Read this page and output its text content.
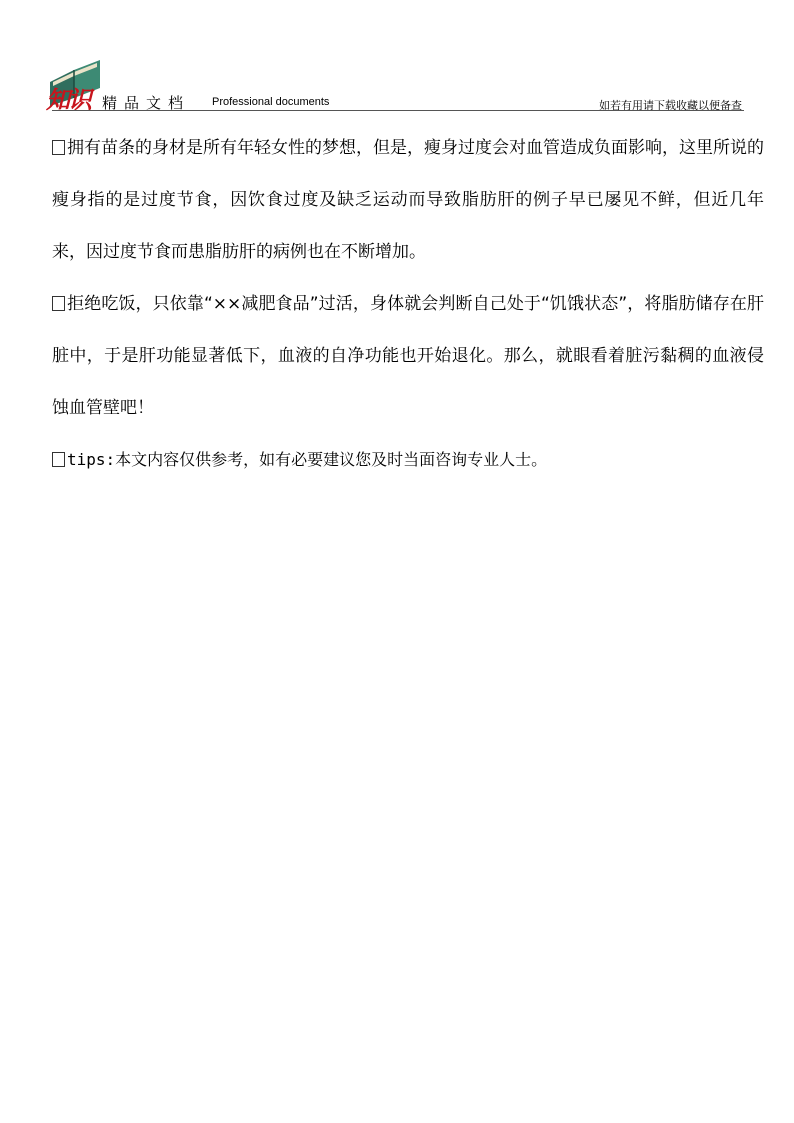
知识 精品文档 Professional documents	如若有用请下载收藏以便备查

拥有苗条的身材是所有年轻女性的梦想，但是，瘦身过度会对血管造成负面影响，这里所说的瘦身指的是过度节食，因饮食过度及缺乏运动而导致脂肪肝的例子早已屡见不鲜，但近几年来，因过度节食而患脂肪肝的病例也在不断增加。

拒绝吃饭，只依靠“××减肥食品”过活，身体就会判断自己处于“饥饿状态”，将脂肪储存在肝脏中，于是肝功能显著低下，血液的自净功能也开始退化。那么，就眼看着脏污黏稠的血液侵蚀血管壁吧！

tips:本文内容仅供参考，如有必要建议您及时当面咨询专业人士。
